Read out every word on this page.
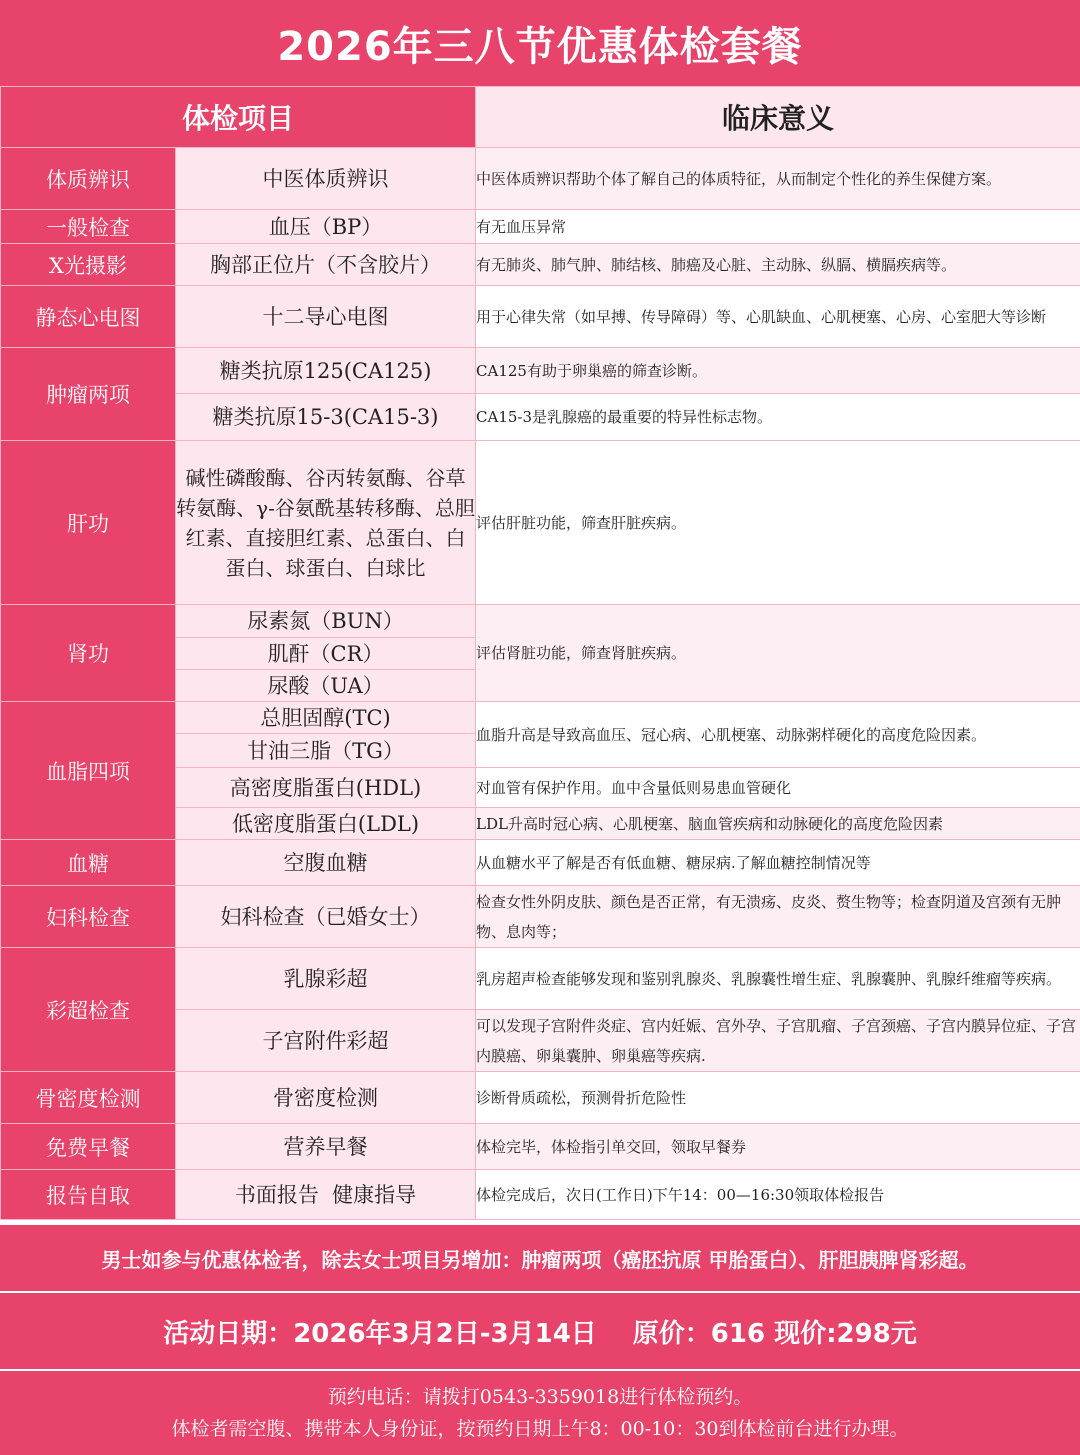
2026年三八节优惠体检套餐
体检项目		临床意义
体质辨识	中医体质辨识	中医体质辨识帮助个体了解自己的体质特征，从而制定个性化的养生保健方案。
一般检查	血压（BP）	有无血压异常
X光摄影	胸部正位片（不含胶片）	有无肺炎、肺气肿、肺结核、肺癌及心脏、主动脉、纵膈、横膈疾病等。
静态心电图	十二导心电图	用于心律失常（如早搏、传导障碍）等、心肌缺血、心肌梗塞、心房、心室肥大等诊断
肿瘤两项	糖类抗原125(CA125)	CA125有助于卵巢癌的筛查诊断。
	糖类抗原15-3(CA15-3)	CA15-3是乳腺癌的最重要的特异性标志物。
肝功	碱性磷酸酶、谷丙转氨酶、谷草转氨酶、γ-谷氨酰基转移酶、总胆红素、直接胆红素、总蛋白、白蛋白、球蛋白、白球比	评估肝脏功能，筛查肝脏疾病。
肾功	尿素氮（BUN）	评估肾脏功能，筛查肾脏疾病。
	肌酐（CR）	
	尿酸（UA）	
血脂四项	总胆固醇(TC)	血脂升高是导致高血压、冠心病、心肌梗塞、动脉粥样硬化的高度危险因素。
	甘油三脂（TG）	
	高密度脂蛋白(HDL)	对血管有保护作用。血中含量低则易患血管硬化
	低密度脂蛋白(LDL)	LDL升高时冠心病、心肌梗塞、脑血管疾病和动脉硬化的高度危险因素
血糖	空腹血糖	从血糖水平了解是否有低血糖、糖尿病.了解血糖控制情况等
妇科检查	妇科检查（已婚女士）	检查女性外阴皮肤、颜色是否正常，有无溃疡、皮炎、赘生物等；检查阴道及宫颈有无肿物、息肉等；
彩超检查	乳腺彩超	乳房超声检查能够发现和鉴别乳腺炎、乳腺囊性增生症、乳腺囊肿、乳腺纤维瘤等疾病。
	子宫附件彩超	可以发现子宫附件炎症、宫内妊娠、宫外孕、子宫肌瘤、子宫颈癌、子宫内膜异位症、子宫内膜癌、卵巢囊肿、卵巢癌等疾病.
骨密度检测	骨密度检测	诊断骨质疏松，预测骨折危险性
免费早餐	营养早餐	体检完毕，体检指引单交回，领取早餐券
报告自取	书面报告  健康指导	体检完成后，次日(工作日)下午14：00—16:30领取体检报告
男士如参与优惠体检者，除去女士项目另增加：肿瘤两项（癌胚抗原 甲胎蛋白）、肝胆胰脾肾彩超。
活动日期：2026年3月2日-3月14日 原价：616 现价:298元
预约电话：请拨打0543-3359018进行体检预约。
体检者需空腹、携带本人身份证，按预约日期上午8：00-10：30到体检前台进行办理。
